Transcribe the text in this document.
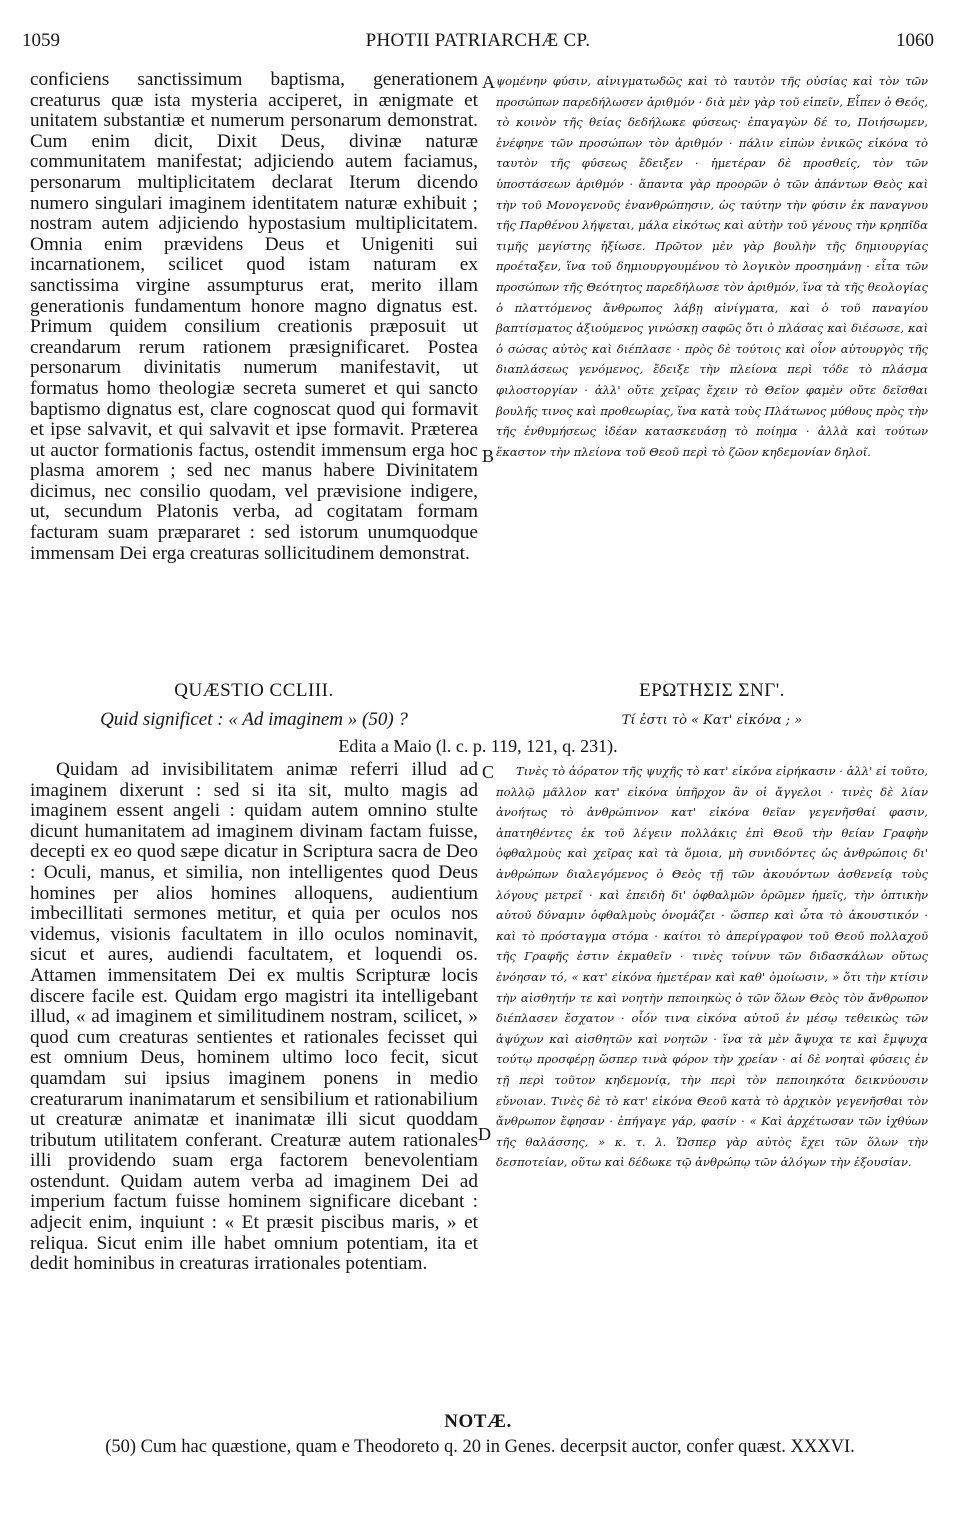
1059	PHOTII PATRIARCHÆ CP.	1060

conficiens sanctissimum baptisma, generationem creaturus quæ ista mysteria acciperet, in ænigmate et unitatem substantiæ et numerum personarum demonstrat. Cum enim dicit, Dixit Deus, divinæ naturæ communitatem manifestat; adjiciendo autem faciamus, personarum multiplicitatem declarat Iterum dicendo numero singulari imaginem identitatem naturæ exhibuit ; nostram autem adjiciendo hypostasium multiplicitatem. Omnia enim prævidens Deus et Unigeniti sui incarnationem, scilicet quod istam naturam ex sanctissima virgine assumpturus erat, merito illam generationis fundamentum honore magno dignatus est. Primum quidem consilium creationis præposuit ut creandarum rerum rationem præsignificaret. Postea personarum divinitatis numerum manifestavit, ut formatus homo theologiæ secreta sumeret et qui sancto baptismo dignatus est, clare cognoscat quod qui formavit et ipse salvavit, et qui salvavit et ipse formavit. Præterea ut auctor formationis factus, ostendit immensum erga hoc plasma amorem ; sed nec manus habere Divinitatem dicimus, nec consilio quodam, vel prævisione indigere, ut, secundum Platonis verba, ad cogitatam formam facturam suam præpararet : sed istorum unumquodque immensam Dei erga creaturas sollicitudinem demonstrat.

ψομένην φύσιν, αἰνιγματωδῶς καὶ τὸ ταυτὸν τῆς οὐσίας καὶ τὸν τῶν προσώπων παρεδήλωσεν ἀριθμόν · διὰ μὲν γὰρ τοῦ εἰπεῖν, Εἶπεν ὁ Θεός, τὸ κοινὸν τῆς θείας δεδήλωκε φύσεως· ἐπαγαγὼν δέ το, Ποιήσωμεν, ἐνέφηνε τῶν προσώπων τὸν ἀριθμόν · πάλιν εἰπὼν ἑνικῶς εἰκόνα τὸ ταυτὸν τῆς φύσεως ἔδειξεν · ἡμετέραν δὲ προσθείς, τὸν τῶν ὑποστάσεων ἀριθμόν · ἅπαντα γὰρ προορῶν ὁ τῶν ἁπάντων Θεὸς καὶ τὴν τοῦ Μονογενοῦς ἐνανθρώπησιν, ὡς ταύτην τὴν φύσιν ἐκ παναγνου τῆς Παρθένου λήψεται, μάλα εἰκότως καὶ αὐτὴν τοῦ γένους τὴν κρηπῖδα τιμῆς μεγίστης ἠξίωσε. Πρῶτον μὲν γὰρ βουλὴν τῆς δημιουργίας προέταξεν, ἵνα τοῦ δημιουργουμένου τὸ λογικὸν προσημάνῃ · εἶτα τῶν προσώπων τῆς Θεότητος παρεδήλωσε τὸν ἀριθμόν, ἵνα τὰ τῆς θεολογίας ὁ πλαττόμενος ἄνθρωπος λάβῃ αἰνίγματα, καὶ ὁ τοῦ παναγίου βαπτίσματος ἀξιούμενος γινώσκῃ σαφῶς ὅτι ὁ πλάσας καὶ διέσωσε, καὶ ὁ σώσας αὐτὸς καὶ διέπλασε · πρὸς δὲ τούτοις καὶ οἷον αὐτουργὸς τῆς διαπλάσεως γενόμενος, ἔδειξε τὴν πλείονα περὶ τόδε τὸ πλάσμα φιλοστοργίαν · ἀλλ' οὔτε χεῖρας ἔχειν τὸ Θεῖον φαμὲν οὔτε δεῖσθαι βουλῆς τινος καὶ προθεωρίας, ἵνα κατὰ τοὺς Πλάτωνος μύθους πρὸς τὴν τῆς ἐνθυμήσεως ἰδέαν κατασκευάσῃ τὸ ποίημα · ἀλλὰ καὶ τούτων ἕκαστον τὴν πλείονα τοῦ Θεοῦ περὶ τὸ ζῶον κηδεμονίαν δηλοῖ.

A
B
C
D
QUÆSTIO CCLIII.	ΕΡΩΤΗΣΙΣ ΣΝΓ'.
Quid significet : « Ad imaginem » (50) ?	Τί ἐστι τὸ « Κατ' εἰκόνα ; »
Edita a Maio (l. c. p. 119, 121, q. 231).

Quidam ad invisibilitatem animæ referri illud ad imaginem dixerunt : sed si ita sit, multo magis ad imaginem essent angeli : quidam autem omnino stulte dicunt humanitatem ad imaginem divinam factam fuisse, decepti ex eo quod sæpe dicatur in Scriptura sacra de Deo : Oculi, manus, et similia, non intelligentes quod Deus homines per alios homines alloquens, audientium imbecillitati sermones metitur, et quia per oculos nos videmus, visionis facultatem in illo oculos nominavit, sicut et aures, audiendi facultatem, et loquendi os. Attamen immensitatem Dei ex multis Scripturæ locis discere facile est. Quidam ergo magistri ita intelligebant illud, « ad imaginem et similitudinem nostram, scilicet, » quod cum creaturas sentientes et rationales fecisset qui est omnium Deus, hominem ultimo loco fecit, sicut quamdam sui ipsius imaginem ponens in medio creaturarum inanimatarum et sensibilium et rationabilium ut creaturæ animatæ et inanimatæ illi sicut quoddam tributum utilitatem conferant. Creaturæ autem rationales illi providendo suam erga factorem benevolentiam ostendunt. Quidam autem verba ad imaginem Dei ad imperium factum fuisse hominem significare dicebant : adjecit enim, inquiunt : « Et præsit piscibus maris, » et reliqua. Sicut enim ille habet omnium potentiam, ita et dedit hominibus in creaturas irrationales potentiam.

Τινὲς τὸ ἀόρατον τῆς ψυχῆς τὸ κατ' εἰκόνα εἰρήκασιν · ἀλλ' εἰ τοῦτο, πολλῷ μᾶλλον κατ' εἰκόνα ὑπῆρχον ἂν οἱ ἄγγελοι · τινὲς δὲ λίαν ἀνοήτως τὸ ἀνθρώπινον κατ' εἰκόνα θεῖαν γεγενῆσθαί φασιν, ἀπατηθέντες ἐκ τοῦ λέγειν πολλάκις ἐπὶ Θεοῦ τὴν θείαν Γραφὴν ὀφθαλμοὺς καὶ χεῖρας καὶ τὰ ὅμοια, μὴ συνιδόντες ὡς ἀνθρώποις δι' ἀνθρώπων διαλεγόμενος ὁ Θεὸς τῇ τῶν ἀκουόντων ἀσθενείᾳ τοὺς λόγους μετρεῖ · καὶ ἐπειδὴ δι' ὀφθαλμῶν ὁρῶμεν ἡμεῖς, τὴν ὀπτικὴν αὐτοῦ δύναμιν ὀφθαλμοὺς ὀνομάζει · ὥσπερ καὶ ὦτα τὸ ἀκουστικόν · καὶ τὸ πρόσταγμα στόμα · καίτοι τὸ ἀπερίγραφον τοῦ Θεοῦ πολλαχοῦ τῆς Γραφῆς ἐστιν ἐκμαθεῖν · τινὲς τοίνυν τῶν διδασκάλων οὕτως ἐνόησαν τό, « κατ' εἰκόνα ἡμετέραν καὶ καθ' ὁμοίωσιν, » ὅτι τὴν κτίσιν τὴν αἰσθητήν τε καὶ νοητὴν πεποιηκὼς ὁ τῶν ὅλων Θεὸς τὸν ἄνθρωπον διέπλασεν ἔσχατον · οἷόν τινα εἰκόνα αὐτοῦ ἐν μέσῳ τεθεικὼς τῶν ἀψύχων καὶ αἰσθητῶν καὶ νοητῶν · ἵνα τὰ μὲν ἄψυχα τε καὶ ἔμψυχα τούτῳ προσφέρῃ ὥσπερ τινὰ φόρον τὴν χρείαν · αἱ δὲ νοηταὶ φύσεις ἐν τῇ περὶ τοῦτον κηδεμονίᾳ, τὴν περὶ τὸν πεποιηκότα δεικνύουσιν εὔνοιαν. Τινὲς δὲ τὸ κατ' εἰκόνα Θεοῦ κατὰ τὸ ἀρχικὸν γεγενῆσθαι τὸν ἄνθρωπον ἔφησαν · ἐπήγαγε γάρ, φασίν · « Καὶ ἀρχέτωσαν τῶν ἰχθύων τῆς θαλάσσης, » κ. τ. λ. Ὥσπερ γὰρ αὐτὸς ἔχει τῶν ὅλων τὴν δεσποτείαν, οὕτω καὶ δέδωκε τῷ ἀνθρώπῳ τῶν ἀλόγων τὴν ἐξουσίαν.

NOTÆ.
(50) Cum hac quæstione, quam e Theodoreto q. 20 in Genes. decerpsit auctor, confer quæst. XXXVI.
